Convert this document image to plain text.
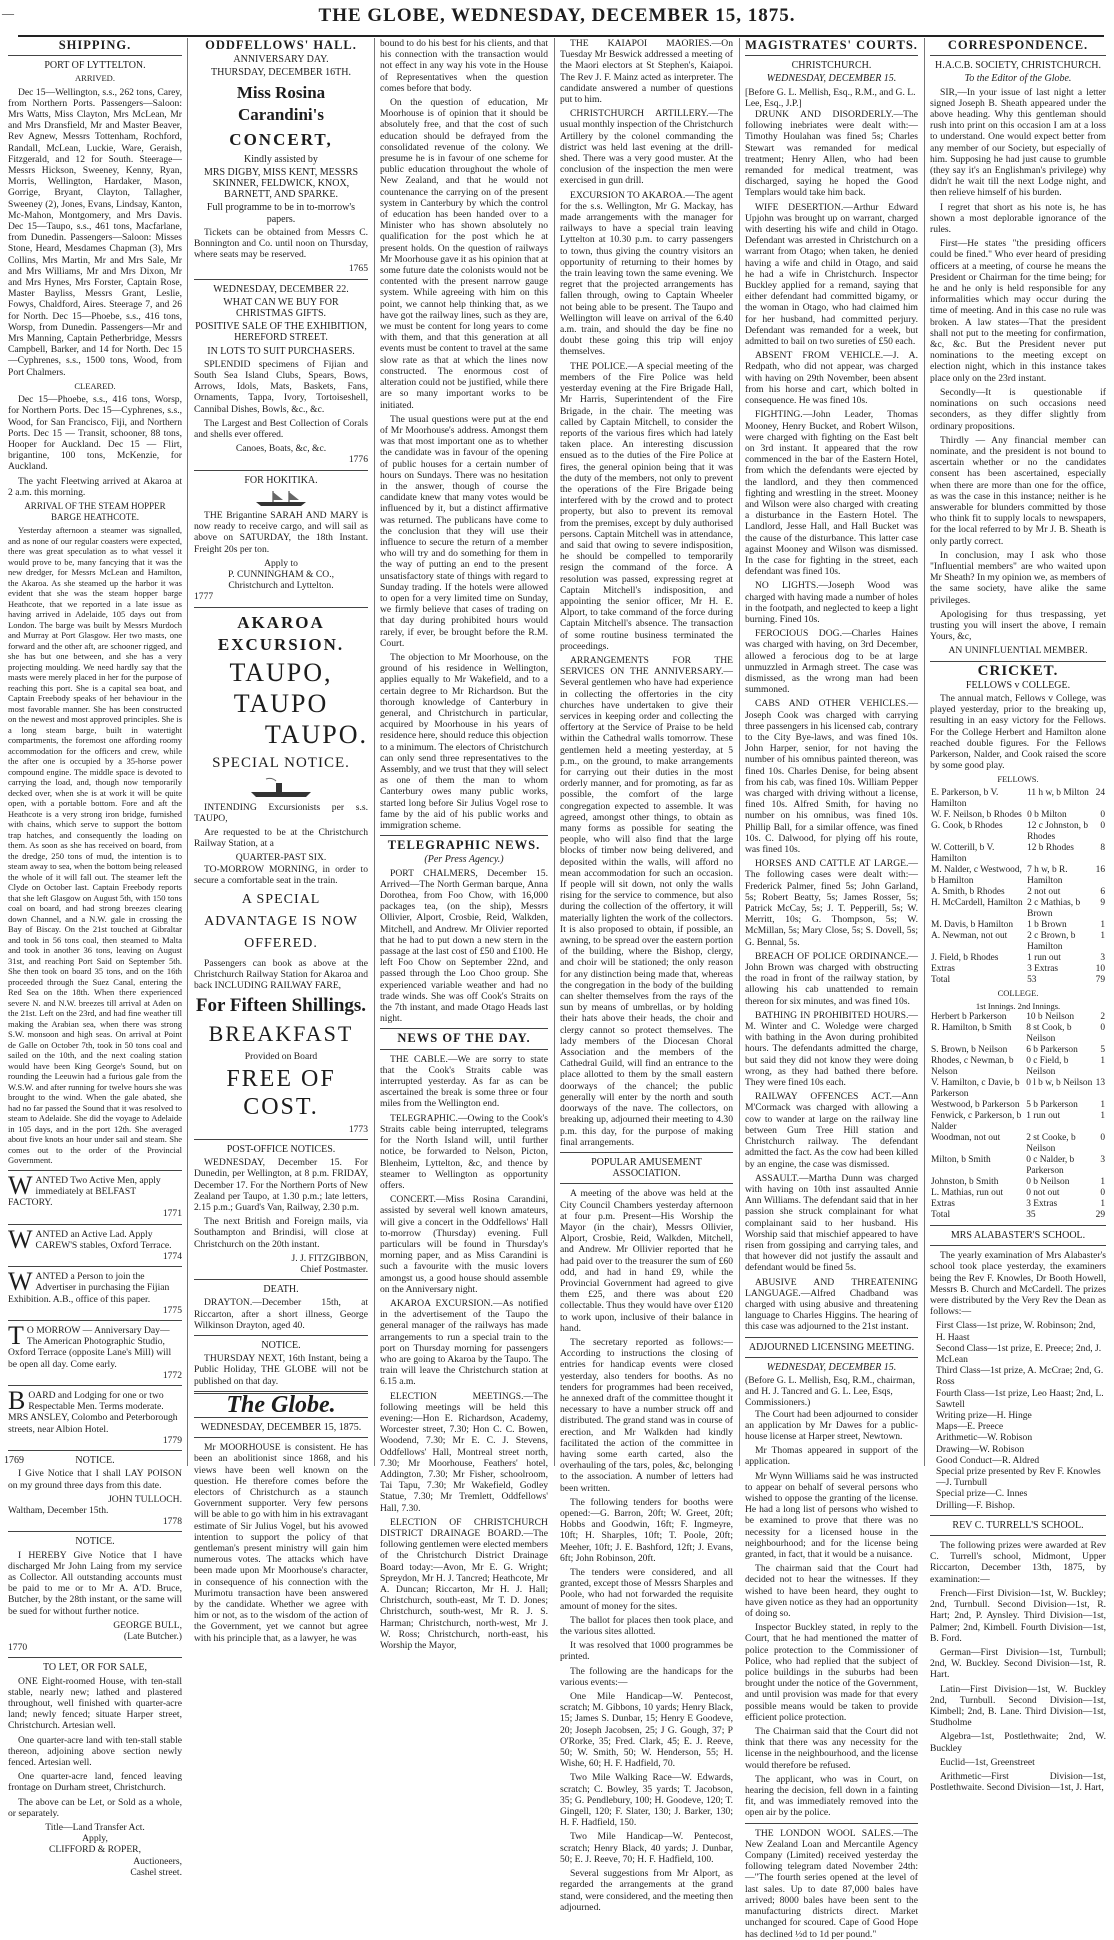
—	THE GLOBE, WEDNESDAY, DECEMBER 15, 1875.
SHIPPING.
PORT OF LYTTELTON.
ARRIVED.

Dec 15—Wellington, s.s., 262 tons, Carey, from Northern Ports. Passengers—Saloon: Mrs Watts, Miss Clayton, Mrs McLean, Mr and Mrs Dransfield, Mr and Master Beaver, Rev Agnew, Messrs Tottenham, Rochford, Randall, McLean, Luckie, Ware, Geraish, Fitzgerald, and 12 for South. Steerage—Messrs Hickson, Sweeney, Kenny, Ryan, Morris, Wellington, Hardaker, Mason, Gorrige, Bryant, Clayton, Tallagher, Sweeney (2), Jones, Evans, Lindsay, Kanton, Mc-Mahon, Montgomery, and Mrs Davis. Dec 15—Taupo, s.s., 461 tons, Macfarlane, from Dunedin. Passengers—Saloon: Misses Stone, Heard, Mesdames Chapman (3), Mrs Collins, Mrs Martin, Mr and Mrs Sale, Mr and Mrs Williams, Mr and Mrs Dixon, Mr and Mrs Hynes, Mrs Forster, Captain Rose, Master Bayliss, Messrs Grant, Leslie, Fowys, Chaldford, Aires. Steerage 7, and 26 for North. Dec 15—Phoebe, s.s., 416 tons, Worsp, from Dunedin. Passengers—Mr and Mrs Manning, Captain Petherbridge, Messrs Campbell, Barker, and 14 for North. Dec 15—Cyphrenes, s.s., 1500 tons, Wood, from Port Chalmers.

CLEARED.

Dec 15—Phoebe, s.s., 416 tons, Worsp, for Northern Ports. Dec 15—Cyphrenes, s.s., Wood, for San Francisco, Fiji, and Northern Ports. Dec 15 — Transit, schooner, 88 tons, Hooper for Auckland. Dec 15 — Flirt, brigantine, 100 tons, McKenzie, for Auckland.

The yacht Fleetwing arrived at Akaroa at 2 a.m. this morning.

ARRIVAL OF THE STEAM HOPPER BARGE HEATHCOTE.

Yesterday afternoon a steamer was signalled, and as none of our regular coasters were expected, there was great speculation as to what vessel it would prove to be, many fancying that it was the new dredger, for Messrs McLean and Hamilton, the Akaroa. As she steamed up the harbor it was evident that she was the steam hopper barge Heathcote, that we reported in a late issue as having arrived in Adelaide, 105 days out from London. The barge was built by Messrs Murdoch and Murray at Port Glasgow. Her two masts, one forward and the other aft, are schooner rigged, and she has but one between, and she has a very projecting moulding. We need hardly say that the masts were merely placed in her for the purpose of reaching this port. She is a capital sea boat, and Captain Freebody speaks of her behaviour in the most favorable manner. She has been constructed on the newest and most approved principles. She is a long steam barge, built in watertight compartments, the foremost one affording roomy accommodation for the officers and crew, while the after one is occupied by a 35-horse power compound engine. The middle space is devoted to carrying the load, and, though now temporarily decked over, when she is at work it will be quite open, with a portable bottom. Fore and aft the Heathcote is a very strong iron bridge, furnished with chains, which serve to support the bottom trap hatches, and consequently the loading on them. As soon as she has received on board, from the dredge, 250 tons of mud, the intention is to steam away to sea, when the bottom being released the whole of it will fall out. The steamer left the Clyde on October last. Captain Freebody reports that she left Glasgow on August 5th, with 150 tons coal on board, and had strong breezes clearing down Channel, and a N.W. gale in crossing the Bay of Biscay. On the 21st touched at Gibraltar and took in 56 tons coal, then steamed to Malta and took in another 36 tons, leaving on August 31st, and reaching Port Said on September 5th. She then took on board 35 tons, and on the 16th proceeded through the Suez Canal, entering the Red Sea on the 18th. When there experienced severe N. and N.W. breezes till arrival at Aden on the 21st. Left on the 23rd, and had fine weather till making the Arabian sea, when there was strong S.W. monsoon and high seas. On arrival at Point de Galle on October 7th, took in 50 tons coal and sailed on the 10th, and the next coaling station would have been King George's Sound, but on rounding the Leeuwin had a furious gale from the W.S.W. and after running for twelve hours she was brought to the wind. When the gale abated, she had no far passed the Sound that it was resolved to steam to Adelaide. She did the voyage to Adelaide in 105 days, and in the port 12th. She averaged about five knots an hour under sail and steam. She comes out to the order of the Provincial Government.

WANTED Two Active Men, apply immediately at BELFAST FACTORY.
1771
WANTED an Active Lad. Apply CAREW'S stables, Oxford Terrace.
1774
WANTED a Person to join the Advertiser in purchasing the Fijian Exhibition. A.B., office of this paper.
1775
T O MORROW — Anniversary Day—The American Photographic Studio, Oxford Terrace (opposite Lane's Mill) will be open all day. Come early.
1772
BOARD and Lodging for one or two Respectable Men. Terms moderate. MRS ANSLEY, Colombo and Peterborough streets, near Albion Hotel.
1779
NOTICE.

I Give Notice that I shall LAY POISON on my ground three days from this date.

JOHN TULLOCH.
Waltham, December 15th.
1778
NOTICE.

I HEREBY Give Notice that I have discharged Mr John Laing from my service as Collector. All outstanding accounts must be paid to me or to Mr A. A'D. Bruce, Butcher, by the 28th instant, or the same will be sued for without further notice.

GEORGE BULL,
(Late Butcher.)
1770
TO LET, OR FOR SALE,

ONE Eight-roomed House, with ten-stall stable, nearly new; lathed and plastered throughout, well finished with quarter-acre land; newly fenced; situate Harper street, Christchurch. Artesian well.

One quarter-acre land with ten-stall stable thereon, adjoining above section newly fenced. Artesian well.

One quarter-acre land, fenced leaving frontage on Durham street, Christchurch.

The above can be Let, or Sold as a whole, or separately.

Title—Land Transfer Act.
Apply,
CLIFFORD & ROPER,
Auctioneers,
Cashel street.
1769
ODDFELLOWS' HALL.
ANNIVERSARY DAY.
THURSDAY, DECEMBER 16TH.
Miss Rosina Carandini's
CONCERT,
Kindly assisted by
MRS DIGBY, MISS KENT, MESSRS SKINNER, FELDWICK, KNOX, BARNETT, AND SPARKE.
Full programme to be in to-morrow's papers.

Tickets can be obtained from Messrs C. Bonnington and Co. until noon on Thursday, where seats may be reserved.

1765
WEDNESDAY, DECEMBER 22.
WHAT CAN WE BUY FOR CHRISTMAS GIFTS.
POSITIVE SALE OF THE EXHIBITION, HEREFORD STREET.
IN LOTS TO SUIT PURCHASERS.

SPLENDID specimens of Fijian and South Sea Island Clubs, Spears, Bows, Arrows, Idols, Mats, Baskets, Fans, Ornaments, Tappa, Ivory, Tortoiseshell, Cannibal Dishes, Bowls, &c., &c.

The Largest and Best Collection of Corals and shells ever offered.

Canoes, Boats, &c, &c.
1776
FOR HOKITIKA.

THE Brigantine SARAH AND MARY is now ready to receive cargo, and will sail as above on SATURDAY, the 18th Instant. Freight 20s per ton.

Apply to
P. CUNNINGHAM & CO.,
Christchurch and Lyttelton.
1777
AKAROA EXCURSION.
TAUPO,
TAUPO
TAUPO.
SPECIAL NOTICE.

INTENDING Excursionists per s.s. TAUPO,

Are requested to be at the Christchurch Railway Station, at a

QUARTER-PAST SIX.

TO-MORROW MORNING, in order to secure a comfortable seat in the train.

A SPECIAL ADVANTAGE IS NOW OFFERED.

Passengers can book as above at the Christchurch Railway Station for Akaroa and back INCLUDING RAILWAY FARE,

For Fifteen Shillings.
BREAKFAST
Provided on Board
FREE OF COST.
1773
POST-OFFICE NOTICES.

WEDNESDAY, December 15. For Dunedin, per Wellington, at 8 p.m. FRIDAY, December 17. For the Northern Ports of New Zealand per Taupo, at 1.30 p.m.; late letters, 2.15 p.m.; Guard's Van, Railway, 2.30 p.m.

The next British and Foreign mails, via Southampton and Brindisi, will close at Christchurch on the 20th instant.

J. J. FITZGIBBON,
Chief Postmaster.
DEATH.

DRAYTON.—December 15th, at Riccarton, after a short illness, George Wilkinson Drayton, aged 40.

NOTICE.

THURSDAY NEXT, 16th Instant, being a Public Holiday, THE GLOBE will not be published on that day.

The Globe.
WEDNESDAY, DECEMBER 15, 1875.

Mr MOORHOUSE is consistent. He has been an abolitionist since 1868, and his views have been well known on the question. He therefore comes before the electors of Christchurch as a staunch Government supporter. Very few persons will be able to go with him in his extravagant estimate of Sir Julius Vogel, but his avowed intention to support the policy of that gentleman's present ministry will gain him numerous votes. The attacks which have been made upon Mr Moorhouse's character, in consequence of his connection with the Murimotu transaction have been answered by the candidate. Whether we agree with him or not, as to the wisdom of the action of the Government, yet we cannot but agree with his principle that, as a lawyer, he was

bound to do his best for his clients, and that his connection with the transaction would not effect in any way his vote in the House of Representatives when the question comes before that body.

On the question of education, Mr Moorhouse is of opinion that it should be absolutely free, and that the cost of such education should be defrayed from the consolidated revenue of the colony. We presume he is in favour of one scheme for public education throughout the whole of New Zealand, and that he would not countenance the carrying on of the present system in Canterbury by which the control of education has been handed over to a Minister who has shown absolutely no qualification for the post which he at present holds. On the question of railways Mr Moorhouse gave it as his opinion that at some future date the colonists would not be contented with the present narrow gauge system. While agreeing with him on this point, we cannot help thinking that, as we have got the railway lines, such as they are, we must be content for long years to come with them, and that this generation at all events must be content to travel at the same slow rate as that at which the lines now constructed. The enormous cost of alteration could not be justified, while there are so many important works to be initiated.

The usual questions were put at the end of Mr Moorhouse's address. Amongst them was that most important one as to whether the candidate was in favour of the opening of public houses for a certain number of hours on Sundays. There was no hesitation in the answer, though of course the candidate knew that many votes would be influenced by it, but a distinct affirmative was returned. The publicans have come to the conclusion that they will use their influence to secure the return of a member who will try and do something for them in the way of putting an end to the present unsatisfactory state of things with regard to Sunday trading. If the hotels were allowed to open for a very limited time on Sunday, we firmly believe that cases of trading on that day during prohibited hours would rarely, if ever, be brought before the R.M. Court.

The objection to Mr Moorhouse, on the ground of his residence in Wellington, applies equally to Mr Wakefield, and to a certain degree to Mr Richardson. But the thorough knowledge of Canterbury in general, and Christchurch in particular, acquired by Moorhouse in his years of residence here, should reduce this objection to a minimum. The electors of Christchurch can only send three representatives to the Assembly, and we trust that they will select as one of them the man to whom Canterbury owes many public works, started long before Sir Julius Vogel rose to fame by the aid of his public works and immigration scheme.

TELEGRAPHIC NEWS.
(Per Press Agency.)

PORT CHALMERS, December 15. Arrived—The North German barque, Anna Dorothea, from Foo Chow, with 16,000 packages tea, (on the ship), Messrs Ollivier, Alport, Crosbie, Reid, Walkden, Mitchell, and Andrew. Mr Olivier reported that he had to put down a new stern in the passage at the last cost of £50 and £100. He left Foo Chow on September 22nd, and passed through the Loo Choo group. She experienced variable weather and had no trade winds. She was off Cook's Straits on the 7th instant, and made Otago Heads last night.

NEWS OF THE DAY.

THE CABLE.—We are sorry to state that the Cook's Straits cable was interrupted yesterday. As far as can be ascertained the break is some three or four miles from the Wellington end.

TELEGRAPHIC.—Owing to the Cook's Straits cable being interrupted, telegrams for the North Island will, until further notice, be forwarded to Nelson, Picton, Blenheim, Lyttelton, &c, and thence by steamer to Wellington as opportunity offers.

CONCERT.—Miss Rosina Carandini, assisted by several well known amateurs, will give a concert in the Oddfellows' Hall to-morrow (Thursday) evening. Full particulars will be found in Thursday's morning paper, and as Miss Carandini is such a favourite with the music lovers amongst us, a good house should assemble on the Anniversary night.

AKAROA EXCURSION.—As notified in the advertisement of the Taupo the general manager of the railways has made arrangements to run a special train to the port on Thursday morning for passengers who are going to Akaroa by the Taupo. The train will leave the Christchurch station at 6.15 a.m.

ELECTION MEETINGS.—The following meetings will be held this evening:—Hon E. Richardson, Academy, Worcester street, 7.30; Hon C. C. Bowen, Woodend, 7.30; Mr E. C. J. Stevens, Oddfellows' Hall, Montreal street north, 7.30; Mr Moorhouse, Feathers' hotel, Addington, 7.30; Mr Fisher, schoolroom, Tai Tapu, 7.30; Mr Wakefield, Godley Statue, 7.30; Mr Tremlett, Oddfellows' Hall, 7.30.

ELECTION OF CHRISTCHURCH DISTRICT DRAINAGE BOARD.—The following gentlemen were elected members of the Christchurch District Drainage Board today:—Avon, Mr E. G. Wright; Spreydon, Mr H. J. Tancred; Heathcote, Mr A. Duncan; Riccarton, Mr H. J. Hall; Christchurch, south-east, Mr T. D. Jones; Christchurch, south-west, Mr R. J. S. Harman; Christchurch, north-west, Mr J. W. Ross; Christchurch, north-east, his Worship the Mayor,

THE KAIAPOI MAORIES.—On Tuesday Mr Beswick addressed a meeting of the Maori electors at St Stephen's, Kaiapoi. The Rev J. F. Mainz acted as interpreter. The candidate answered a number of questions put to him.

CHRISTCHURCH ARTILLERY.—The usual monthly inspection of the Christchurch Artillery by the colonel commanding the district was held last evening at the drill-shed. There was a very good muster. At the conclusion of the inspection the men were exercised in gun drill.

EXCURSION TO AKAROA.—The agent for the s.s. Wellington, Mr G. Mackay, has made arrangements with the manager for railways to have a special train leaving Lyttelton at 10.30 p.m. to carry passengers to town, thus giving the country visitors an opportunity of returning to their homes by the train leaving town the same evening. We regret that the projected arrangements has fallen through, owing to Captain Wheeler not being able to be present. The Taupo and Wellington will leave on arrival of the 6.40 a.m. train, and should the day be fine no doubt these going this trip will enjoy themselves.

THE POLICE.—A special meeting of the members of the Fire Police was held yesterday evening at the Fire Brigade Hall, Mr Harris, Superintendent of the Fire Brigade, in the chair. The meeting was called by Captain Mitchell, to consider the reports of the various fires which had lately taken place. An interesting discussion ensued as to the duties of the Fire Police at fires, the general opinion being that it was the duty of the members, not only to prevent the operations of the Fire Brigade being interfered with by the crowd and to protect property, but also to prevent its removal from the premises, except by duly authorised persons. Captain Mitchell was in attendance, and said that owing to severe indisposition, he should be compelled to temporarily resign the command of the force. A resolution was passed, expressing regret at Captain Mitchell's indisposition, and appointing the senior officer, Mr H. E. Alport, to take command of the force during Captain Mitchell's absence. The transaction of some routine business terminated the proceedings.

ARRANGEMENTS FOR THE SERVICES ON THE ANNIVERSARY.—Several gentlemen who have had experience in collecting the offertories in the city churches have undertaken to give their services in keeping order and collecting the offertory at the Service of Praise to be held within the Cathedral walls tomorrow. These gentlemen held a meeting yesterday, at 5 p.m., on the ground, to make arrangements for carrying out their duties in the most orderly manner, and for promoting, as far as possible, the comfort of the large congregation expected to assemble. It was agreed, amongst other things, to obtain as many forms as possible for seating the people, who will also find that the large blocks of timber now being delivered, and deposited within the walls, will afford no mean accommodation for such an occasion. If people will sit down, not only the walls rising for the service to commence, but also during the collection of the offertory, it will materially lighten the work of the collectors. It is also proposed to obtain, if possible, an awning, to be spread over the eastern portion of the building, where the Bishop, clergy, and choir will be stationed; the only reason for any distinction being made that, whereas the congregation in the body of the building can shelter themselves from the rays of the sun by means of umbrellas, or by holding their hats above their heads, the choir and clergy cannot so protect themselves. The lady members of the Diocesan Choral Association and the members of the Cathedral Guild, will find an entrance to the place allotted to them by the small eastern doorways of the chancel; the public generally will enter by the north and south doorways of the nave. The collectors, on breaking up, adjourned their meeting to 4.30 p.m. this day, for the purpose of making final arrangements.

POPULAR AMUSEMENT ASSOCIATION.

A meeting of the above was held at the City Council Chambers yesterday afternoon at four p.m. Present—His Worship the Mayor (in the chair), Messrs Ollivier, Alport, Crosbie, Reid, Walkden, Mitchell, and Andrew. Mr Ollivier reported that he had paid over to the treasurer the sum of £60 odd, and had in hand £9, while the Provincial Government had agreed to give them £25, and there was about £20 collectable. Thus they would have over £120 to work upon, inclusive of their balance in hand.

The secretary reported as follows:—According to instructions the closing of entries for handicap events were closed yesterday, also tenders for booths. As no tenders for programmes had been received, he annexed draft of the committee thought it necessary to have a number struck off and distributed. The grand stand was in course of erection, and Mr Walkden had kindly facilitated the action of the committee in having some earth carted, also the overhauling of the tars, poles, &c, belonging to the association. A number of letters had been written.

The following tenders for booths were opened:—G. Barron, 20ft; W. Greet, 20ft; Hobbs and Goodwin, 16ft; F. Ingmeyre, 10ft; H. Sharples, 10ft; T. Poole, 20ft; Meeher, 10ft; J. E. Bashford, 12ft; J. Evans, 6ft; John Robinson, 20ft.

The tenders were considered, and all granted, except those of Messrs Sharples and Poole, who had not forwarded the requisite amount of money for the sites.

The ballot for places then took place, and the various sites allotted.

It was resolved that 1000 programmes be printed.

The following are the handicaps for the various events:—

One Mile Handicap—W. Pentecost, scratch; M. Gibbons, 10 yards; Henry Black, 15; James S. Dunbar, 15; Henry E Goodeve, 20; Joseph Jacobsen, 25; J G. Gough, 37; P O'Rorke, 35; Fred. Clark, 45; E. J. Reeve, 50; W. Smith, 50; W. Henderson, 55; H. Wishe, 60; H. F. Hadfield, 70.

Two Mile Walking Race—W. Edwards, scratch; C. Bowley, 35 yards; T. Jacobson, 35; G. Pendlebury, 100; H. Goodeve, 120; T. Gingell, 120; F. Slater, 130; J. Barker, 130; H. F. Hadfield, 150.

Two Mile Handicap—W. Pentecost, scratch; Henry Black, 40 yards; J. Dunbar, 50; E. J. Reeve, 70; H. F. Hadfield, 100.

Several suggestions from Mr Alport, as regarded the arrangements at the grand stand, were considered, and the meeting then adjourned.

MAGISTRATES' COURTS.
CHRISTCHURCH.
WEDNESDAY, DECEMBER 15.
[Before G. L. Mellish, Esq., R.M., and G. L. Lee, Esq., J.P.]

DRUNK AND DISORDERLY.—The following inebriates were dealt with:—Timothy Houlahan was fined 5s; Charles Stewart was remanded for medical treatment; Henry Allen, who had been remanded for medical treatment, was discharged, saying he hoped the Good Templars would take him back.

WIFE DESERTION.—Arthur Edward Upjohn was brought up on warrant, charged with deserting his wife and child in Otago. Defendant was arrested in Christchurch on a warrant from Otago; when taken, he denied having a wife and child in Otago, and said he had a wife in Christchurch. Inspector Buckley applied for a remand, saying that either defendant had committed bigamy, or the woman in Otago, who had claimed him for her husband, had committed perjury. Defendant was remanded for a week, but admitted to bail on two sureties of £50 each.

ABSENT FROM VEHICLE.—J. A. Redpath, who did not appear, was charged with having on 29th November, been absent from his horse and cart, which bolted in consequence. He was fined 10s.

FIGHTING.—John Leader, Thomas Mooney, Henry Bucket, and Robert Wilson, were charged with fighting on the East belt on 3rd instant. It appeared that the row commenced in the bar of the Eastern Hotel, from which the defendants were ejected by the landlord, and they then commenced fighting and wrestling in the street. Mooney and Wilson were also charged with creating a disturbance in the Eastern Hotel. The Landlord, Jesse Hall, and Hall Bucket was the cause of the disturbance. This latter case against Mooney and Wilson was dismissed. In the case for fighting in the street, each defendant was fined 10s.

NO LIGHTS.—Joseph Wood was charged with having made a number of holes in the footpath, and neglected to keep a light burning. Fined 10s.

FEROCIOUS DOG.—Charles Haines was charged with having, on 3rd December, allowed a ferocious dog to be at large unmuzzled in Armagh street. The case was dismissed, as the wrong man had been summoned.

CABS AND OTHER VEHICLES.—Joseph Cook was charged with carrying three passengers in his licensed cab, contrary to the City Bye-laws, and was fined 10s. John Harper, senior, for not having the number of his omnibus painted thereon, was fined 10s. Charles Denise, for being absent from his cab, was fined 10s. William Pepper was charged with driving without a license, fined 10s. Alfred Smith, for having no number on his omnibus, was fined 10s. Phillip Ball, for a similar offence, was fined 10s. C. Dalwood, for plying off his route, was fined 10s.

HORSES AND CATTLE AT LARGE.—The following cases were dealt with:—Frederick Palmer, fined 5s; John Garland, 5s; Robert Beatty, 5s; James Rosser, 5s; Patrick McCay, 5s; J. T. Pepperill, 5s; W. Merritt, 10s; G. Thompson, 5s; W. McMillan, 5s; Mary Close, 5s; S. Dovell, 5s; G. Bennal, 5s.

BREACH OF POLICE ORDINANCE.—John Brown was charged with obstructing the road in front of the railway station, by allowing his cab unattended to remain thereon for six minutes, and was fined 10s.

BATHING IN PROHIBITED HOURS.—M. Winter and C. Woledge were charged with bathing in the Avon during prohibited hours. The defendants admitted the charge, but said they did not know they were doing wrong, as they had bathed there before. They were fined 10s each.

RAILWAY OFFENCES ACT.—Ann M'Cormack was charged with allowing a cow to wander at large on the railway line between Gum Tree Hill station and Christchurch railway. The defendant admitted the fact. As the cow had been killed by an engine, the case was dismissed.

ASSAULT.—Martha Dunn was charged with having on 10th inst assaulted Annie Ann Williams. The defendant said that in her passion she struck complainant for what complainant said to her husband. His Worship said that mischief appeared to have risen from gossiping and carrying tales, and that however did not justify the assault and defendant would be fined 5s.

ABUSIVE AND THREATENING LANGUAGE.—Alfred Chadband was charged with using abusive and threatening language to Charles Higgins. The hearing of this case was adjourned to the 21st instant.

ADJOURNED LICENSING MEETING.
WEDNESDAY, DECEMBER 15.
(Before G. L. Mellish, Esq, R.M., chairman, and H. J. Tancred and G. L. Lee, Esqs, Commissioners.)

The Court had been adjourned to consider an application by Mr Dawes for a public-house license at Harper street, Newtown.

Mr Thomas appeared in support of the application.

Mr Wynn Williams said he was instructed to appear on behalf of several persons who wished to oppose the granting of the license. He had a long list of persons who wished to be examined to prove that there was no necessity for a licensed house in the neighbourhood; and for the license being granted, in fact, that it would be a nuisance.

The chairman said that the Court had decided not to hear the witnesses. If they wished to have been heard, they ought to have given notice as they had an opportunity of doing so.

Inspector Buckley stated, in reply to the Court, that he had mentioned the matter of police protection to the Commissioner of Police, who had replied that the subject of police buildings in the suburbs had been brought under the notice of the Government, and until provision was made for that every possible means would be taken to provide efficient police protection.

The Chairman said that the Court did not think that there was any necessity for the license in the neighbourhood, and the license would therefore be refused.

The applicant, who was in Court, on hearing the decision, fell down in a fainting fit, and was immediately removed into the open air by the police.

THE LONDON WOOL SALES.—The New Zealand Loan and Mercantile Agency Company (Limited) received yesterday the following telegram dated November 24th:—"The fourth series opened at the level of last sales. Up to date 87,000 bales have arrived; 8000 bales have been sent to the manufacturing districts direct. Market unchanged for scoured. Cape of Good Hope has declined ½d to 1d per pound."

CORRESPONDENCE.
H.A.C.B. SOCIETY, CHRISTCHURCH.
To the Editor of the Globe.

SIR,—In your issue of last night a letter signed Joseph B. Sheath appeared under the above heading. Why this gentleman should rush into print on this occasion I am at a loss to understand. One would expect better from any member of our Society, but especially of him. Supposing he had just cause to grumble (they say it's an Englishman's privilege) why didn't he wait till the next Lodge night, and then relieve himself of his burden.

I regret that short as his note is, he has shown a most deplorable ignorance of the rules.

First—He states "the presiding officers could be fined." Who ever heard of presiding officers at a meeting, of course he means the President or Chairman for the time being; for he and he only is held responsible for any informalities which may occur during the time of meeting. And in this case no rule was broken. A law states—That the president shall not put to the meeting for confirmation, &c, &c. But the President never put nominations to the meeting except on election night, which in this instance takes place only on the 23rd instant.

Secondly—It is questionable if nominations on such occasions need seconders, as they differ slightly from ordinary propositions.

Thirdly — Any financial member can nominate, and the president is not bound to ascertain whether or no the candidates consent has been ascertained, especially when there are more than one for the office, as was the case in this instance; neither is he answerable for blunders committed by those who think fit to supply locals to newspapers, for the local referred to by Mr J. B. Sheath is only partly correct.

In conclusion, may I ask who those "Influential members" are who waited upon Mr Sheath? In my opinion we, as members of the same society, have alike the same privileges.

Apologising for thus trespassing, yet trusting you will insert the above, I remain Yours, &c,

AN UNINFLUENTIAL MEMBER.
CRICKET.
FELLOWS v COLLEGE.

The annual match, Fellows v College, was played yesterday, prior to the breaking up, resulting in an easy victory for the Fellows. For the College Herbert and Hamilton alone reached double figures. For the Fellows Parkerson, Nalder, and Cook raised the score by some good play.

FELLOWS.
E. Parkerson, b V. Hamilton	11 h w, b Milton	24
W. F. Neilson, b Rhodes	0 b Milton	0
G. Cook, b Rhodes	12 c Johnston, b Rhodes	0
W. Cotterill, b V. Hamilton	12 b Rhodes	8
M. Nalder, c Westwood, b Hamilton	7 h w, b R. Hamilton	16
A. Smith, b Rhodes	2 not out	6
H. McCardell, Hamilton	2 c Mathias, b Brown	9
M. Davis, b Hamilton	1 b Brown	1
A. Newman, not out	2 c Brown, b Hamilton	1
J. Field, b Rhodes	1 run out	3
Extras	3 Extras	10
Total	53	79
COLLEGE.
1st Innings. 2nd Innings.
Herbert b Parkerson	10 b Neilson	2
R. Hamilton, b Smith	8 st Cook, b Neilson	0
S. Brown, b Neilson	6 b Parkerson	5
Rhodes, c Newman, b Nelson	0 c Field, b Neilson	1
V. Hamilton, c Davie, b Parkerson	0 l b w, b Neilson	13
Westwood, b Parkerson	5 b Parkerson	1
Fenwick, c Parkerson, b Nalder	1 run out	1
Woodman, not out	2 st Cooke, b Neilson	0
Milton, b Smith	0 c Nalder, b Parkerson	3
Johnston, b Smith	0 b Neilson	1
L. Mathias, run out	0 not out	0
Extras	3 Extras	1
Total	35	29
MRS ALABASTER'S SCHOOL.

The yearly examination of Mrs Alabaster's school took place yesterday, the examiners being the Rev F. Knowles, Dr Booth Howell, Messrs B. Church and McCardell. The prizes were distributed by the Very Rev the Dean as follows:—

First Class—1st prize, W. Robinson; 2nd, H. Haast
Second Class—1st prize, E. Preece; 2nd, J. McLean
Third Class—1st prize, A. McCrae; 2nd, G. Ross
Fourth Class—1st prize, Leo Haast; 2nd, L. Sawtell
Writing prize—H. Hinge
Maps—E. Preece
Arithmetic—W. Robison
Drawing—W. Robison
Good Conduct—R. Aldred
Special prize presented by Rev F. Knowles —J. Turnbull
Special prize—C. Innes
Drilling—F. Bishop.
REV C. TURRELL'S SCHOOL.

The following prizes were awarded at Rev C. Turrell's school, Midmont, Upper Riccarton, December 13th, 1875, by examination:—

French—First Division—1st, W. Buckley; 2nd, Turnbull. Second Division—1st, R. Hart; 2nd, P. Aynsley. Third Division—1st, Palmer; 2nd, Kimbell. Fourth Division—1st, B. Ford.

German—First Division—1st, Turnbull; 2nd, W. Buckley. Second Division—1st, R. Hart.

Latin—First Division—1st, W. Buckley 2nd, Turnbull. Second Division—1st, Kimbell; 2nd, B. Lane. Third Division—1st, Studholme

Algebra—1st, Postlethwaite; 2nd, W. Buckley

Euclid—1st, Greenstreet

Arithmetic—First Division—1st, Postlethwaite. Second Division—1st, J. Hart,
